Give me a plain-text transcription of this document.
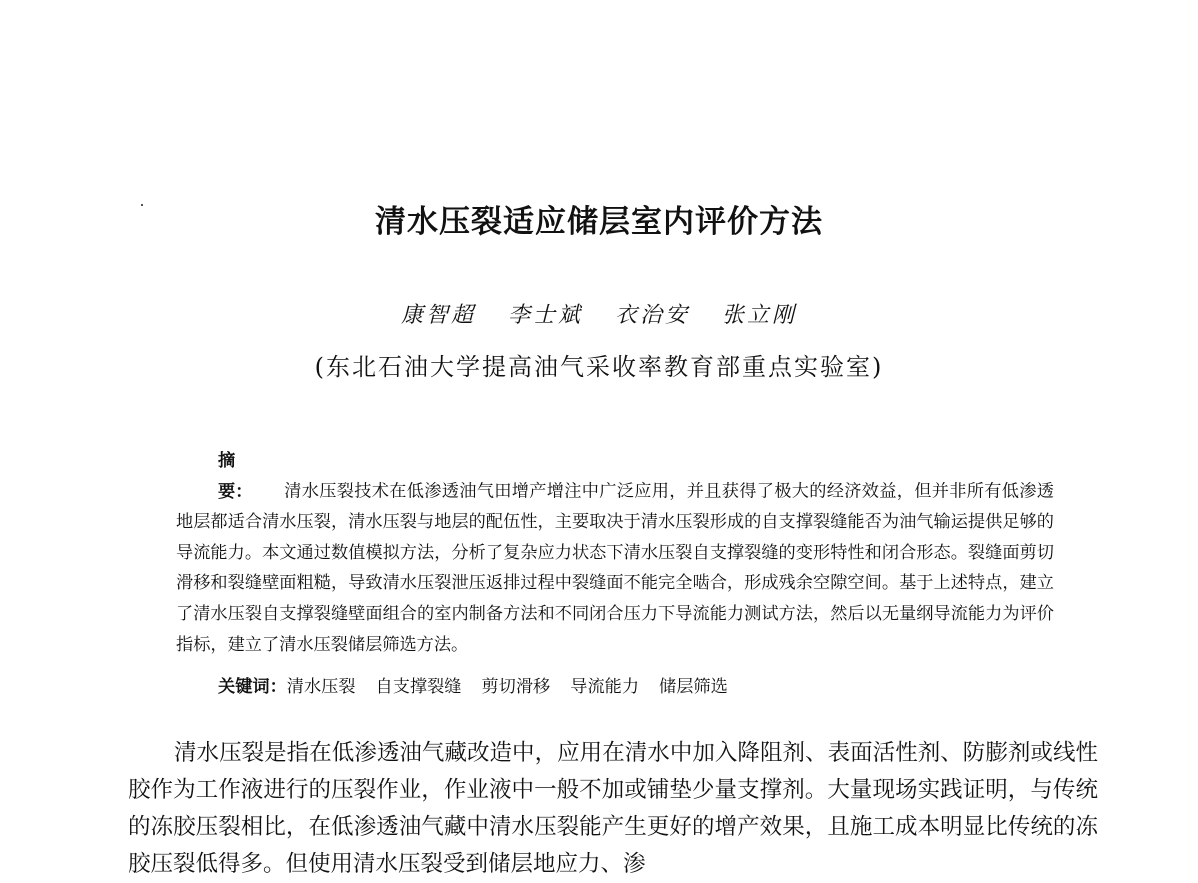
清水压裂适应储层室内评价方法
康智超 李士斌 衣治安 张立刚
(东北石油大学提高油气采收率教育部重点实验室)

摘　要： 清水压裂技术在低渗透油气田增产增注中广泛应用，并且获得了极大的经济效益，但并非所有低渗透地层都适合清水压裂，清水压裂与地层的配伍性，主要取决于清水压裂形成的自支撑裂缝能否为油气输运提供足够的导流能力。本文通过数值模拟方法，分析了复杂应力状态下清水压裂自支撑裂缝的变形特性和闭合形态。裂缝面剪切滑移和裂缝壁面粗糙，导致清水压裂泄压返排过程中裂缝面不能完全啮合，形成残余空隙空间。基于上述特点，建立了清水压裂自支撑裂缝壁面组合的室内制备方法和不同闭合压力下导流能力测试方法，然后以无量纲导流能力为评价指标，建立了清水压裂储层筛选方法。

关键词：清水压裂 自支撑裂缝 剪切滑移 导流能力 储层筛选

清水压裂是指在低渗透油气藏改造中，应用在清水中加入降阻剂、表面活性剂、防膨剂或线性胶作为工作液进行的压裂作业，作业液中一般不加或铺垫少量支撑剂。大量现场实践证明，与传统的冻胶压裂相比，在低渗透油气藏中清水压裂能产生更好的增产效果，且施工成本明显比传统的冻胶压裂低得多。但使用清水压裂受到储层地应力、渗
